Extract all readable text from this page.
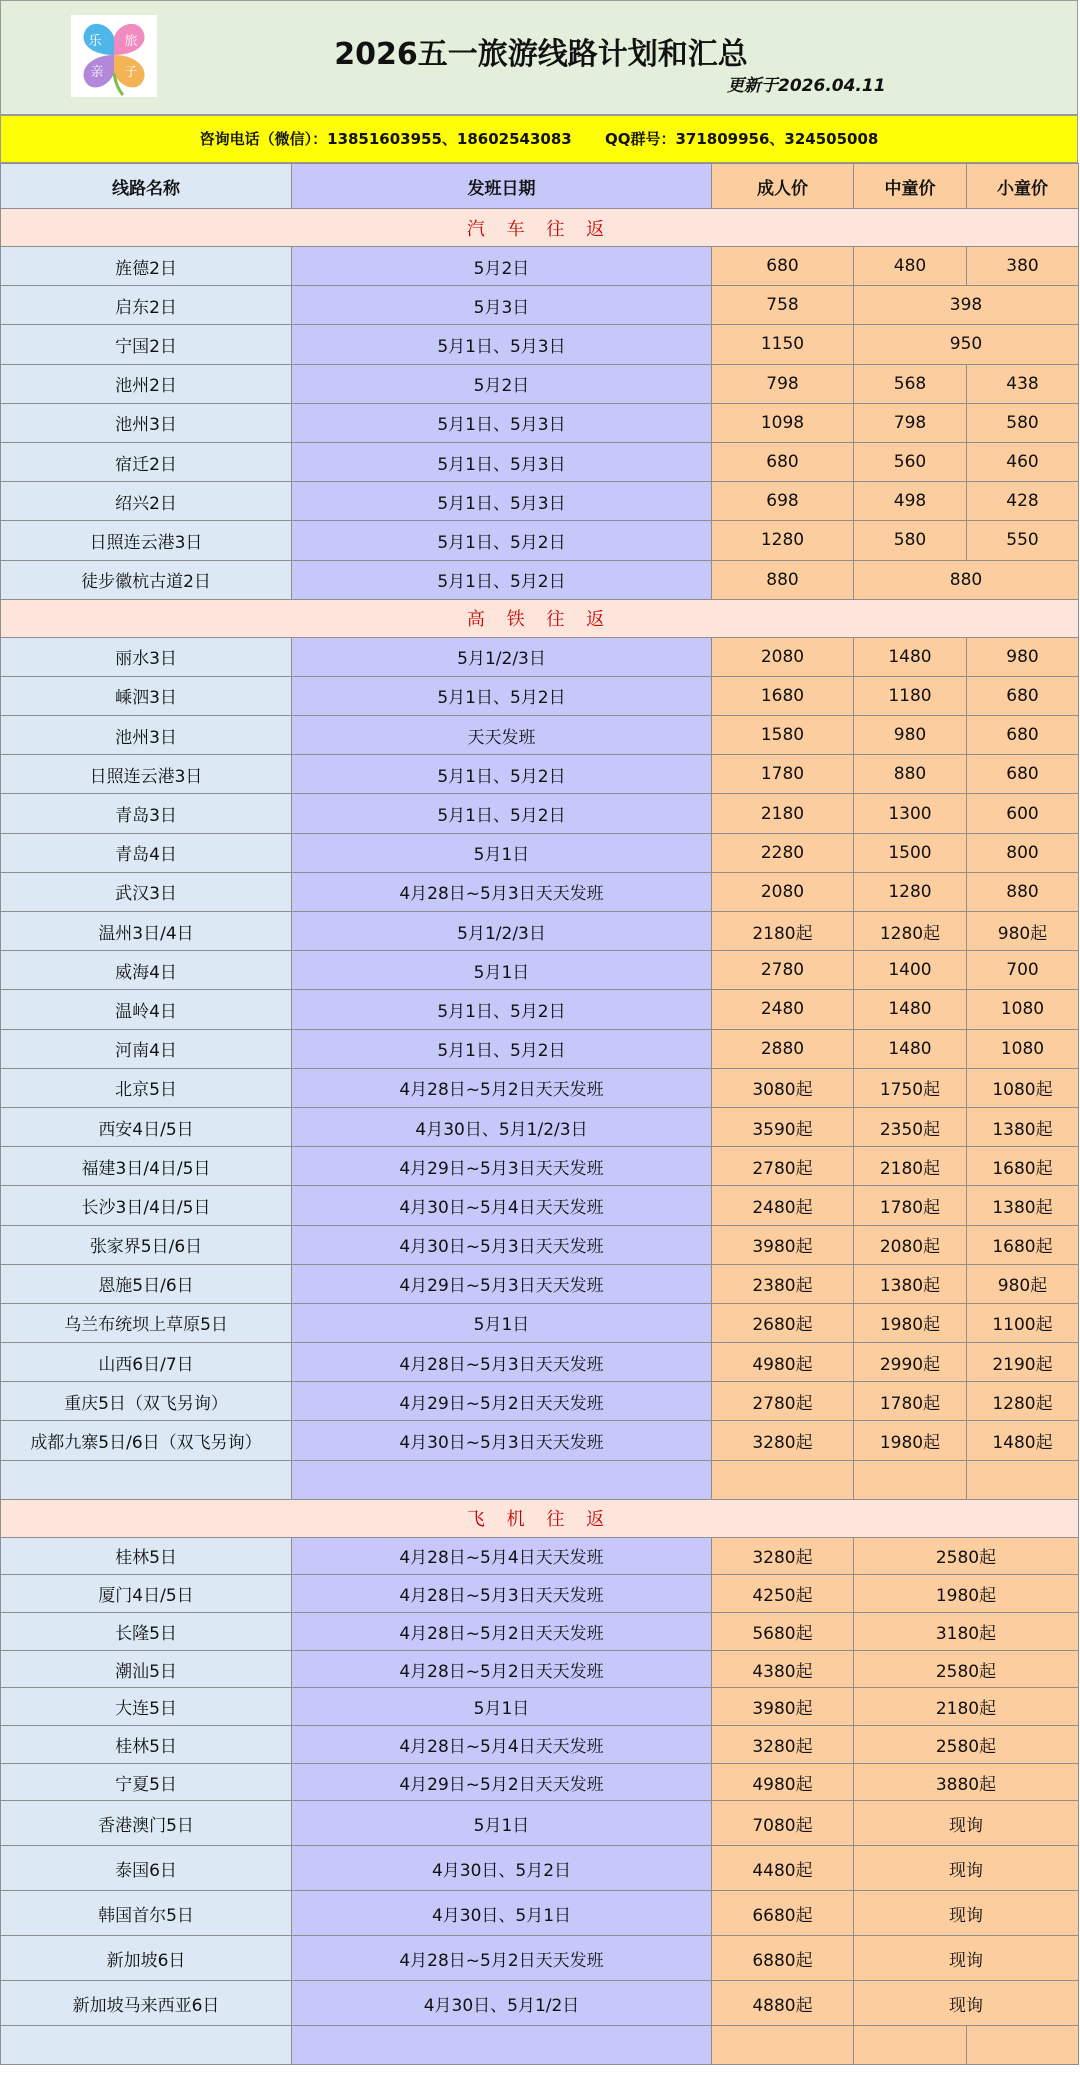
乐 旅
亲 子
2026五一旅游线路计划和汇总
更新于2026.04.11
咨询电话（微信）：13851603955、18602543083 QQ群号：371809956、324505008
线路名称	发班日期	成人价	中童价	小童价
汽 车 往 返				
旌德2日	5月2日	680	480	380
启东2日	5月3日	758	398	
宁国2日	5月1日、5月3日	1150	950	
池州2日	5月2日	798	568	438
池州3日	5月1日、5月3日	1098	798	580
宿迁2日	5月1日、5月3日	680	560	460
绍兴2日	5月1日、5月3日	698	498	428
日照连云港3日	5月1日、5月2日	1280	580	550
徒步徽杭古道2日	5月1日、5月2日	880	880	
高 铁 往 返				
丽水3日	5月1/2/3日	2080	1480	980
嵊泗3日	5月1日、5月2日	1680	1180	680
池州3日	天天发班	1580	980	680
日照连云港3日	5月1日、5月2日	1780	880	680
青岛3日	5月1日、5月2日	2180	1300	600
青岛4日	5月1日	2280	1500	800
武汉3日	4月28日~5月3日天天发班	2080	1280	880
温州3日/4日	5月1/2/3日	2180起	1280起	980起
威海4日	5月1日	2780	1400	700
温岭4日	5月1日、5月2日	2480	1480	1080
河南4日	5月1日、5月2日	2880	1480	1080
北京5日	4月28日~5月2日天天发班	3080起	1750起	1080起
西安4日/5日	4月30日、5月1/2/3日	3590起	2350起	1380起
福建3日/4日/5日	4月29日~5月3日天天发班	2780起	2180起	1680起
长沙3日/4日/5日	4月30日~5月4日天天发班	2480起	1780起	1380起
张家界5日/6日	4月30日~5月3日天天发班	3980起	2080起	1680起
恩施5日/6日	4月29日~5月3日天天发班	2380起	1380起	980起
乌兰布统坝上草原5日	5月1日	2680起	1980起	1100起
山西6日/7日	4月28日~5月3日天天发班	4980起	2990起	2190起
重庆5日（双飞另询）	4月29日~5月2日天天发班	2780起	1780起	1280起
成都九寨5日/6日（双飞另询）	4月30日~5月3日天天发班	3280起	1980起	1480起

飞 机 往 返				
桂林5日	4月28日~5月4日天天发班	3280起	2580起	
厦门4日/5日	4月28日~5月3日天天发班	4250起	1980起	
长隆5日	4月28日~5月2日天天发班	5680起	3180起	
潮汕5日	4月28日~5月2日天天发班	4380起	2580起	
大连5日	5月1日	3980起	2180起	
桂林5日	4月28日~5月4日天天发班	3280起	2580起	
宁夏5日	4月29日~5月2日天天发班	4980起	3880起	
香港澳门5日	5月1日	7080起	现询	
泰国6日	4月30日、5月2日	4480起	现询	
韩国首尔5日	4月30日、5月1日	6680起	现询	
新加坡6日	4月28日~5月2日天天发班	6880起	现询	
新加坡马来西亚6日	4月30日、5月1/2日	4880起	现询	
